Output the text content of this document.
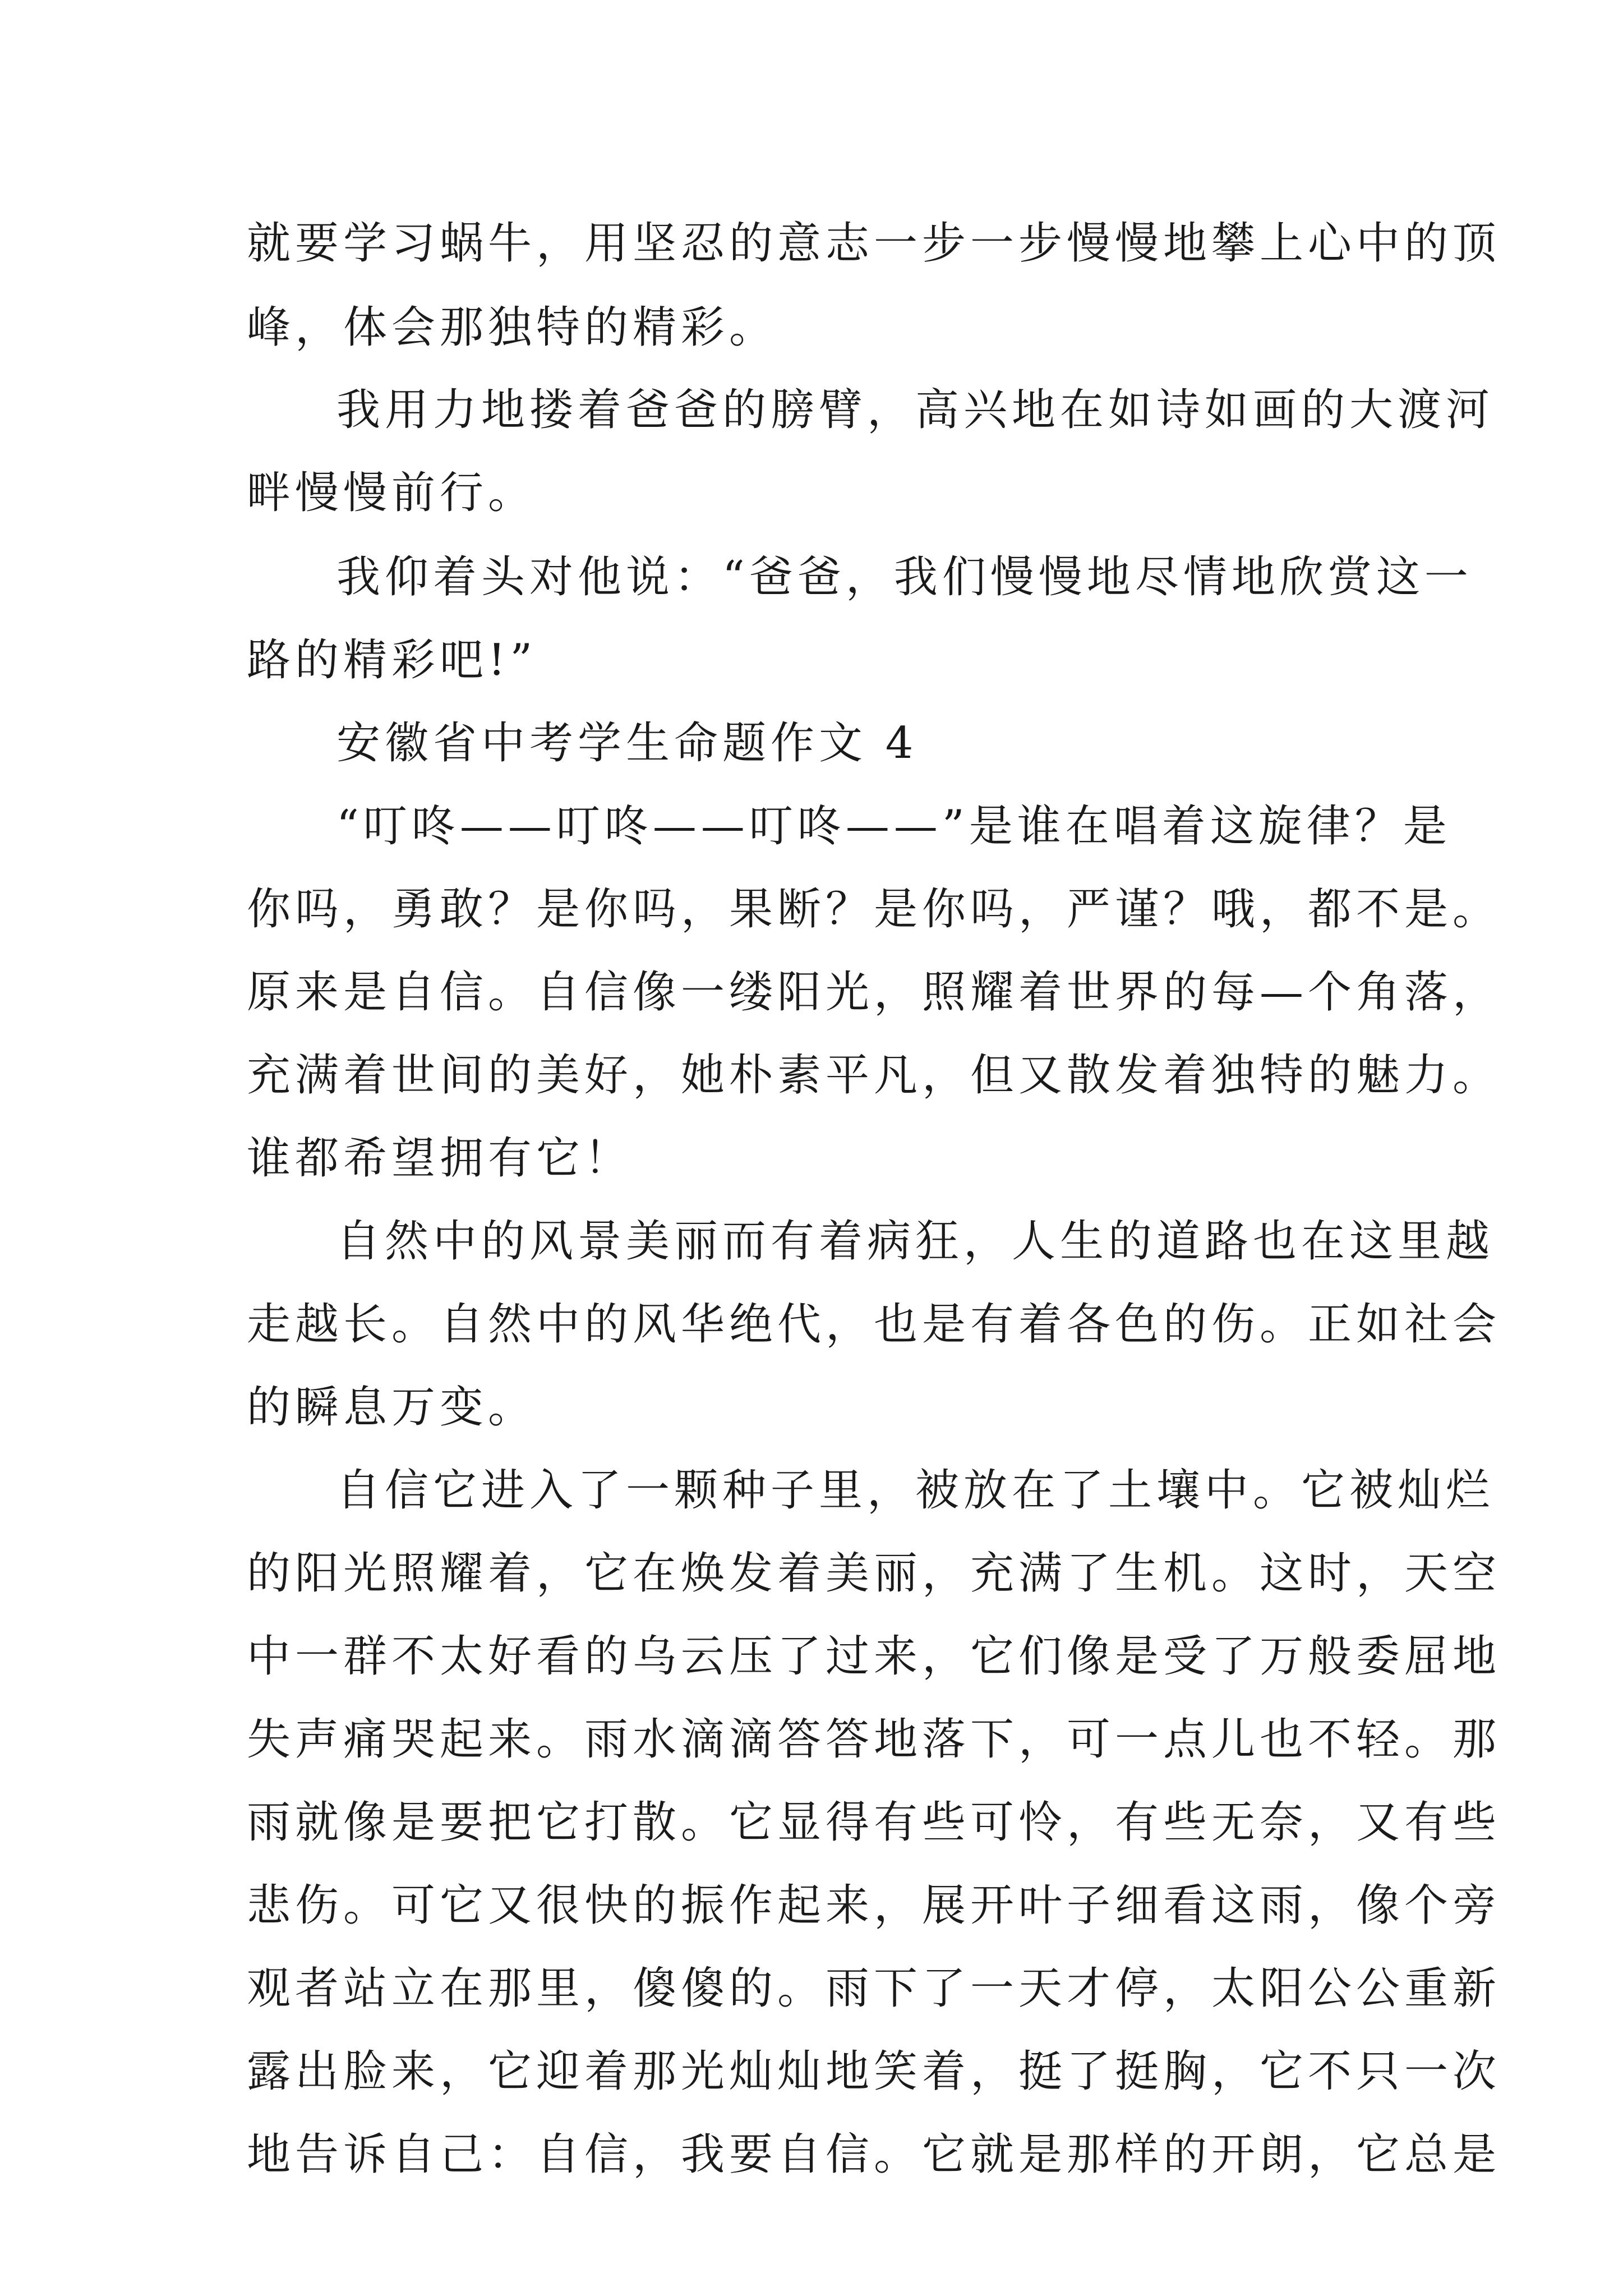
就要学习蜗牛，用坚忍的意志一步一步慢慢地攀上心中的顶
峰，体会那独特的精彩。
我用力地搂着爸爸的膀臂，高兴地在如诗如画的大渡河
畔慢慢前行。
我仰着头对他说：“爸爸，我们慢慢地尽情地欣赏这一
路的精彩吧!”
安徽省中考学生命题作文 4
“叮咚——叮咚——叮咚——”是谁在唱着这旋律？是
你吗，勇敢？是你吗，果断？是你吗，严谨？哦，都不是。
原来是自信。自信像一缕阳光，照耀着世界的每—个角落，
充满着世间的美好，她朴素平凡，但又散发着独特的魅力。
谁都希望拥有它！
自然中的风景美丽而有着病狂，人生的道路也在这里越
走越长。自然中的风华绝代，也是有着各色的伤。正如社会
的瞬息万变。
自信它进入了一颗种子里，被放在了土壤中。它被灿烂
的阳光照耀着，它在焕发着美丽，充满了生机。这时，天空
中一群不太好看的乌云压了过来，它们像是受了万般委屈地
失声痛哭起来。雨水滴滴答答地落下，可一点儿也不轻。那
雨就像是要把它打散。它显得有些可怜，有些无奈，又有些
悲伤。可它又很快的振作起来，展开叶子细看这雨，像个旁
观者站立在那里，傻傻的。雨下了一天才停，太阳公公重新
露出脸来，它迎着那光灿灿地笑着，挺了挺胸，它不只一次
地告诉自己：自信，我要自信。它就是那样的开朗，它总是
